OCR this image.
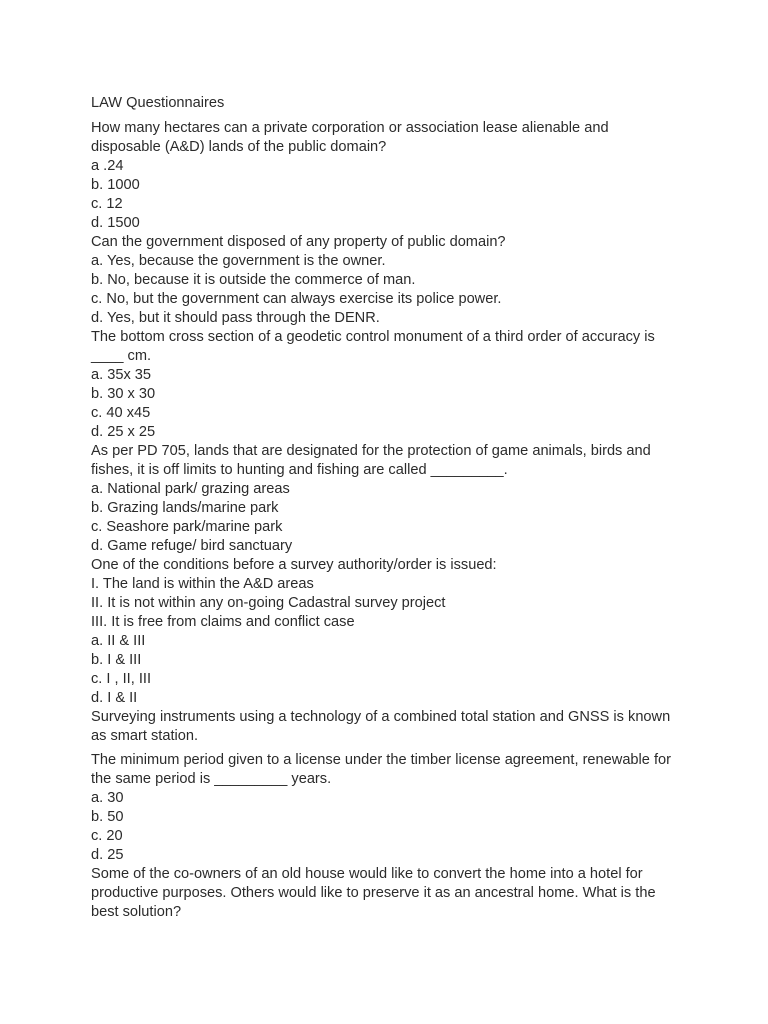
LAW Questionnaires

How many hectares can a private corporation or association lease alienable and disposable (A&D) lands of the public domain?

a .24

b. 1000

c. 12

d. 1500

Can the government disposed of any property of public domain?

a. Yes, because the government is the owner.

b. No, because it is outside the commerce of man.

c. No, but the government can always exercise its police power.

d. Yes, but it should pass through the DENR.

The bottom cross section of a geodetic control monument of a third order of accuracy is ____ cm.

a. 35x 35

b. 30 x 30

c. 40 x45

d. 25 x 25

As per PD 705, lands that are designated for the protection of game animals, birds and fishes, it is off limits to hunting and fishing are called _________.

a. National park/ grazing areas

b. Grazing lands/marine park

c. Seashore park/marine park

d. Game refuge/ bird sanctuary

One of the conditions before a survey authority/order is issued:

I. The land is within the A&D areas

II. It is not within any on-going Cadastral survey project

III. It is free from claims and conflict case

a. II & III

b. I & III

c. I , II, III

d. I & II

Surveying instruments using a technology of a combined total station and GNSS is known as smart station.

The minimum period given to a license under the timber license agreement, renewable for the same period is _________ years.

a. 30

b. 50

c. 20

d. 25

Some of the co-owners of an old house would like to convert the home into a hotel for productive purposes. Others would like to preserve it as an ancestral home. What is the best solution?
